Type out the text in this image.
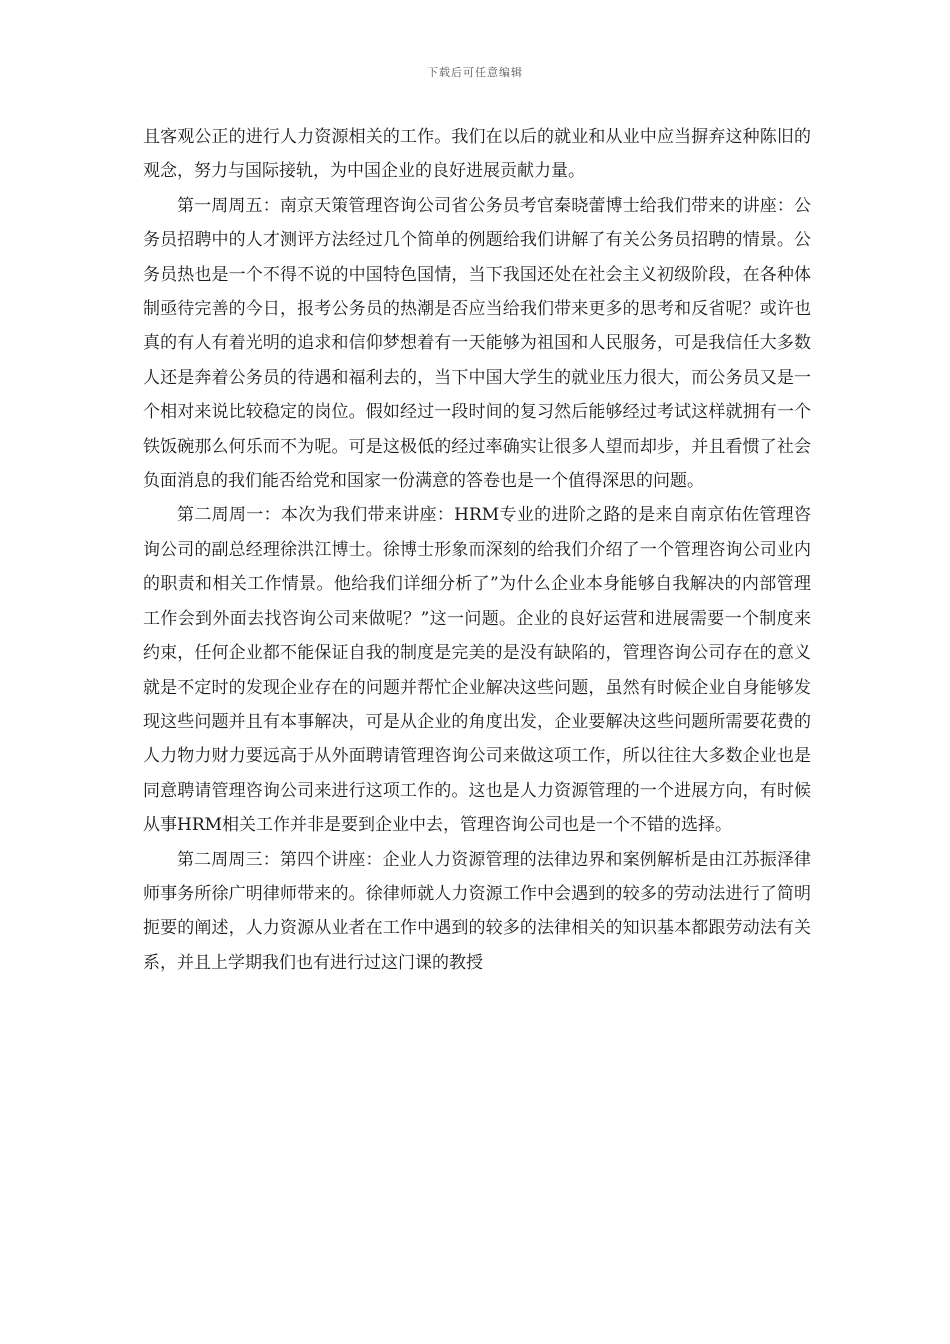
下载后可任意编辑

且客观公正的进行人力资源相关的工作。我们在以后的就业和从业中应当摒弃这种陈旧的观念，努力与国际接轨，为中国企业的良好进展贡献力量。

第一周周五：南京天策管理咨询公司省公务员考官秦晓蕾博士给我们带来的讲座：公务员招聘中的人才测评方法经过几个简单的例题给我们讲解了有关公务员招聘的情景。公务员热也是一个不得不说的中国特色国情，当下我国还处在社会主义初级阶段，在各种体制亟待完善的今日，报考公务员的热潮是否应当给我们带来更多的思考和反省呢？或许也真的有人有着光明的追求和信仰梦想着有一天能够为祖国和人民服务，可是我信任大多数人还是奔着公务员的待遇和福利去的，当下中国大学生的就业压力很大，而公务员又是一个相对来说比较稳定的岗位。假如经过一段时间的复习然后能够经过考试这样就拥有一个铁饭碗那么何乐而不为呢。可是这极低的经过率确实让很多人望而却步，并且看惯了社会负面消息的我们能否给党和国家一份满意的答卷也是一个值得深思的问题。

第二周周一：本次为我们带来讲座：HRM专业的进阶之路的是来自南京佑佐管理咨询公司的副总经理徐洪江博士。徐博士形象而深刻的给我们介绍了一个管理咨询公司业内的职责和相关工作情景。他给我们详细分析了”为什么企业本身能够自我解决的内部管理工作会到外面去找咨询公司来做呢？”这一问题。企业的良好运营和进展需要一个制度来约束，任何企业都不能保证自我的制度是完美的是没有缺陷的，管理咨询公司存在的意义就是不定时的发现企业存在的问题并帮忙企业解决这些问题，虽然有时候企业自身能够发现这些问题并且有本事解决，可是从企业的角度出发，企业要解决这些问题所需要花费的人力物力财力要远高于从外面聘请管理咨询公司来做这项工作，所以往往大多数企业也是同意聘请管理咨询公司来进行这项工作的。这也是人力资源管理的一个进展方向，有时候从事HRM相关工作并非是要到企业中去，管理咨询公司也是一个不错的选择。

第二周周三：第四个讲座：企业人力资源管理的法律边界和案例解析是由江苏振泽律师事务所徐广明律师带来的。徐律师就人力资源工作中会遇到的较多的劳动法进行了简明扼要的阐述，人力资源从业者在工作中遇到的较多的法律相关的知识基本都跟劳动法有关系，并且上学期我们也有进行过这门课的教授
